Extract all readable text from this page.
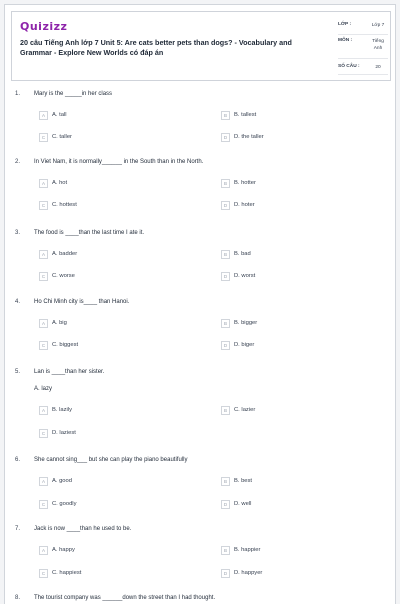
Quizizz
20 câu Tiếng Anh lớp 7 Unit 5: Are cats better pets than dogs? - Vocabulary and Grammar - Explore New Worlds có đáp án
LỚP :	Lớp 7
MÔN :	Tiếng Anh
SỐ CÂU :	20
1. Mary is the _____in her class
A	A. tall	B	B. tallest
C	C. taller	D	D. the taller
2. In Viet Nam, it is normally______ in the South than in the North.
A	A. hot	B	B. hotter
C	C. hottest	D	D. hoter
3. The food is ____than the last time I ate it.
A	A. badder	B	B. bad
C	C. worse	D	D. worst
4. Ho Chi Minh city is____ than Hanoi.
A	A. big	B	B. bigger
C	C. biggest	D	D. biger
5. Lan is ____than her sister.
A. lazy
A	B. lazily	B	C. lazier
C	D. laziest
6. She cannot sing___ but she can play the piano beautifully
A	A. good	B	B. best
C	C. goodly	D	D. well
7. Jack is now ____than he used to be.
A	A. happy	B	B. happier
C	C. happiest	D	D. happyer
8. The tourist company was ______down the street than I had thought.
